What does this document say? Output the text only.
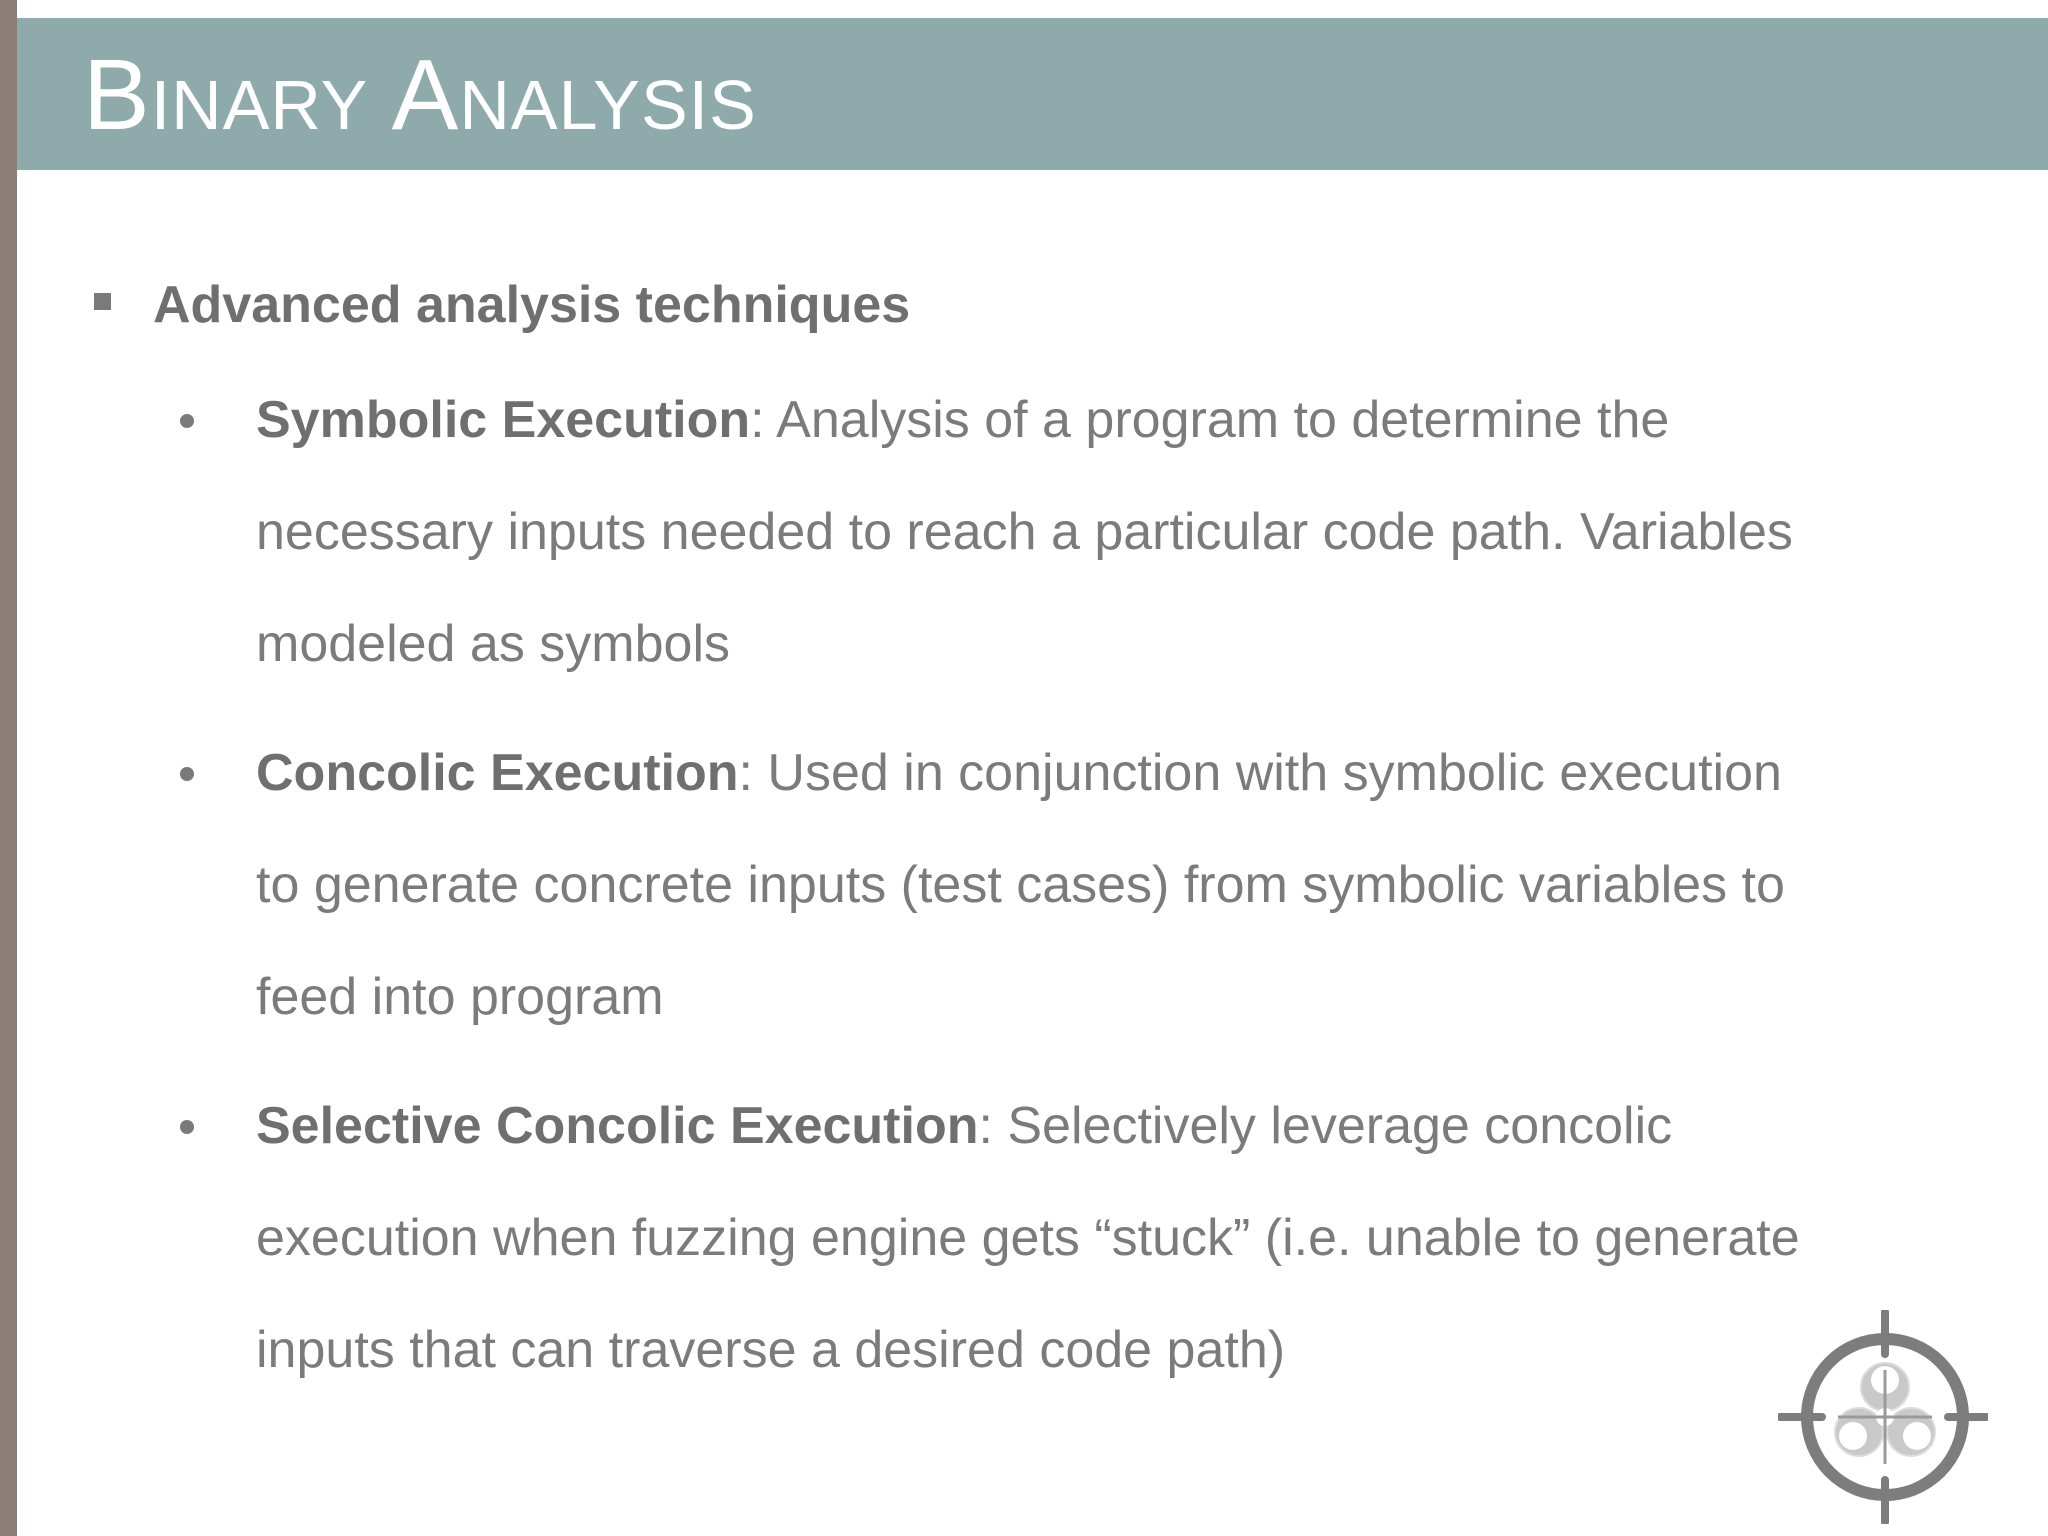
Binary Analysis

Advanced analysis techniques

Symbolic Execution: Analysis of a program to determine the necessary inputs needed to reach a particular code path. Variables modeled as symbols

Concolic Execution: Used in conjunction with symbolic execution to generate concrete inputs (test cases) from symbolic variables to feed into program

Selective Concolic Execution: Selectively leverage concolic execution when fuzzing engine gets “stuck” (i.e. unable to generate inputs that can traverse a desired code path)
